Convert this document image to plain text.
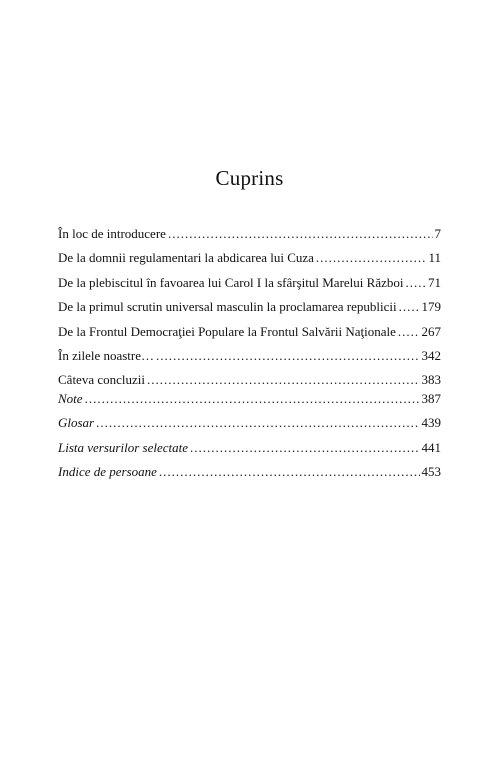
Cuprins
În loc de introducere .....	7
De la domnii regulamentari la abdicarea lui Cuza .....	11
De la plebiscitul în favoarea lui Carol I la sfârşitul Marelui Război ..... 71
De la primul scrutin universal masculin la proclamarea republicii ..... 179
De la Frontul Democraţiei Populare la Frontul Salvării Naţionale ..... 267
În zilele noastre… .....	342
Câteva concluzii .....	383
Note .....	387
Glosar .....	439
Lista versurilor selectate .....	441
Indice de persoane .....	453
